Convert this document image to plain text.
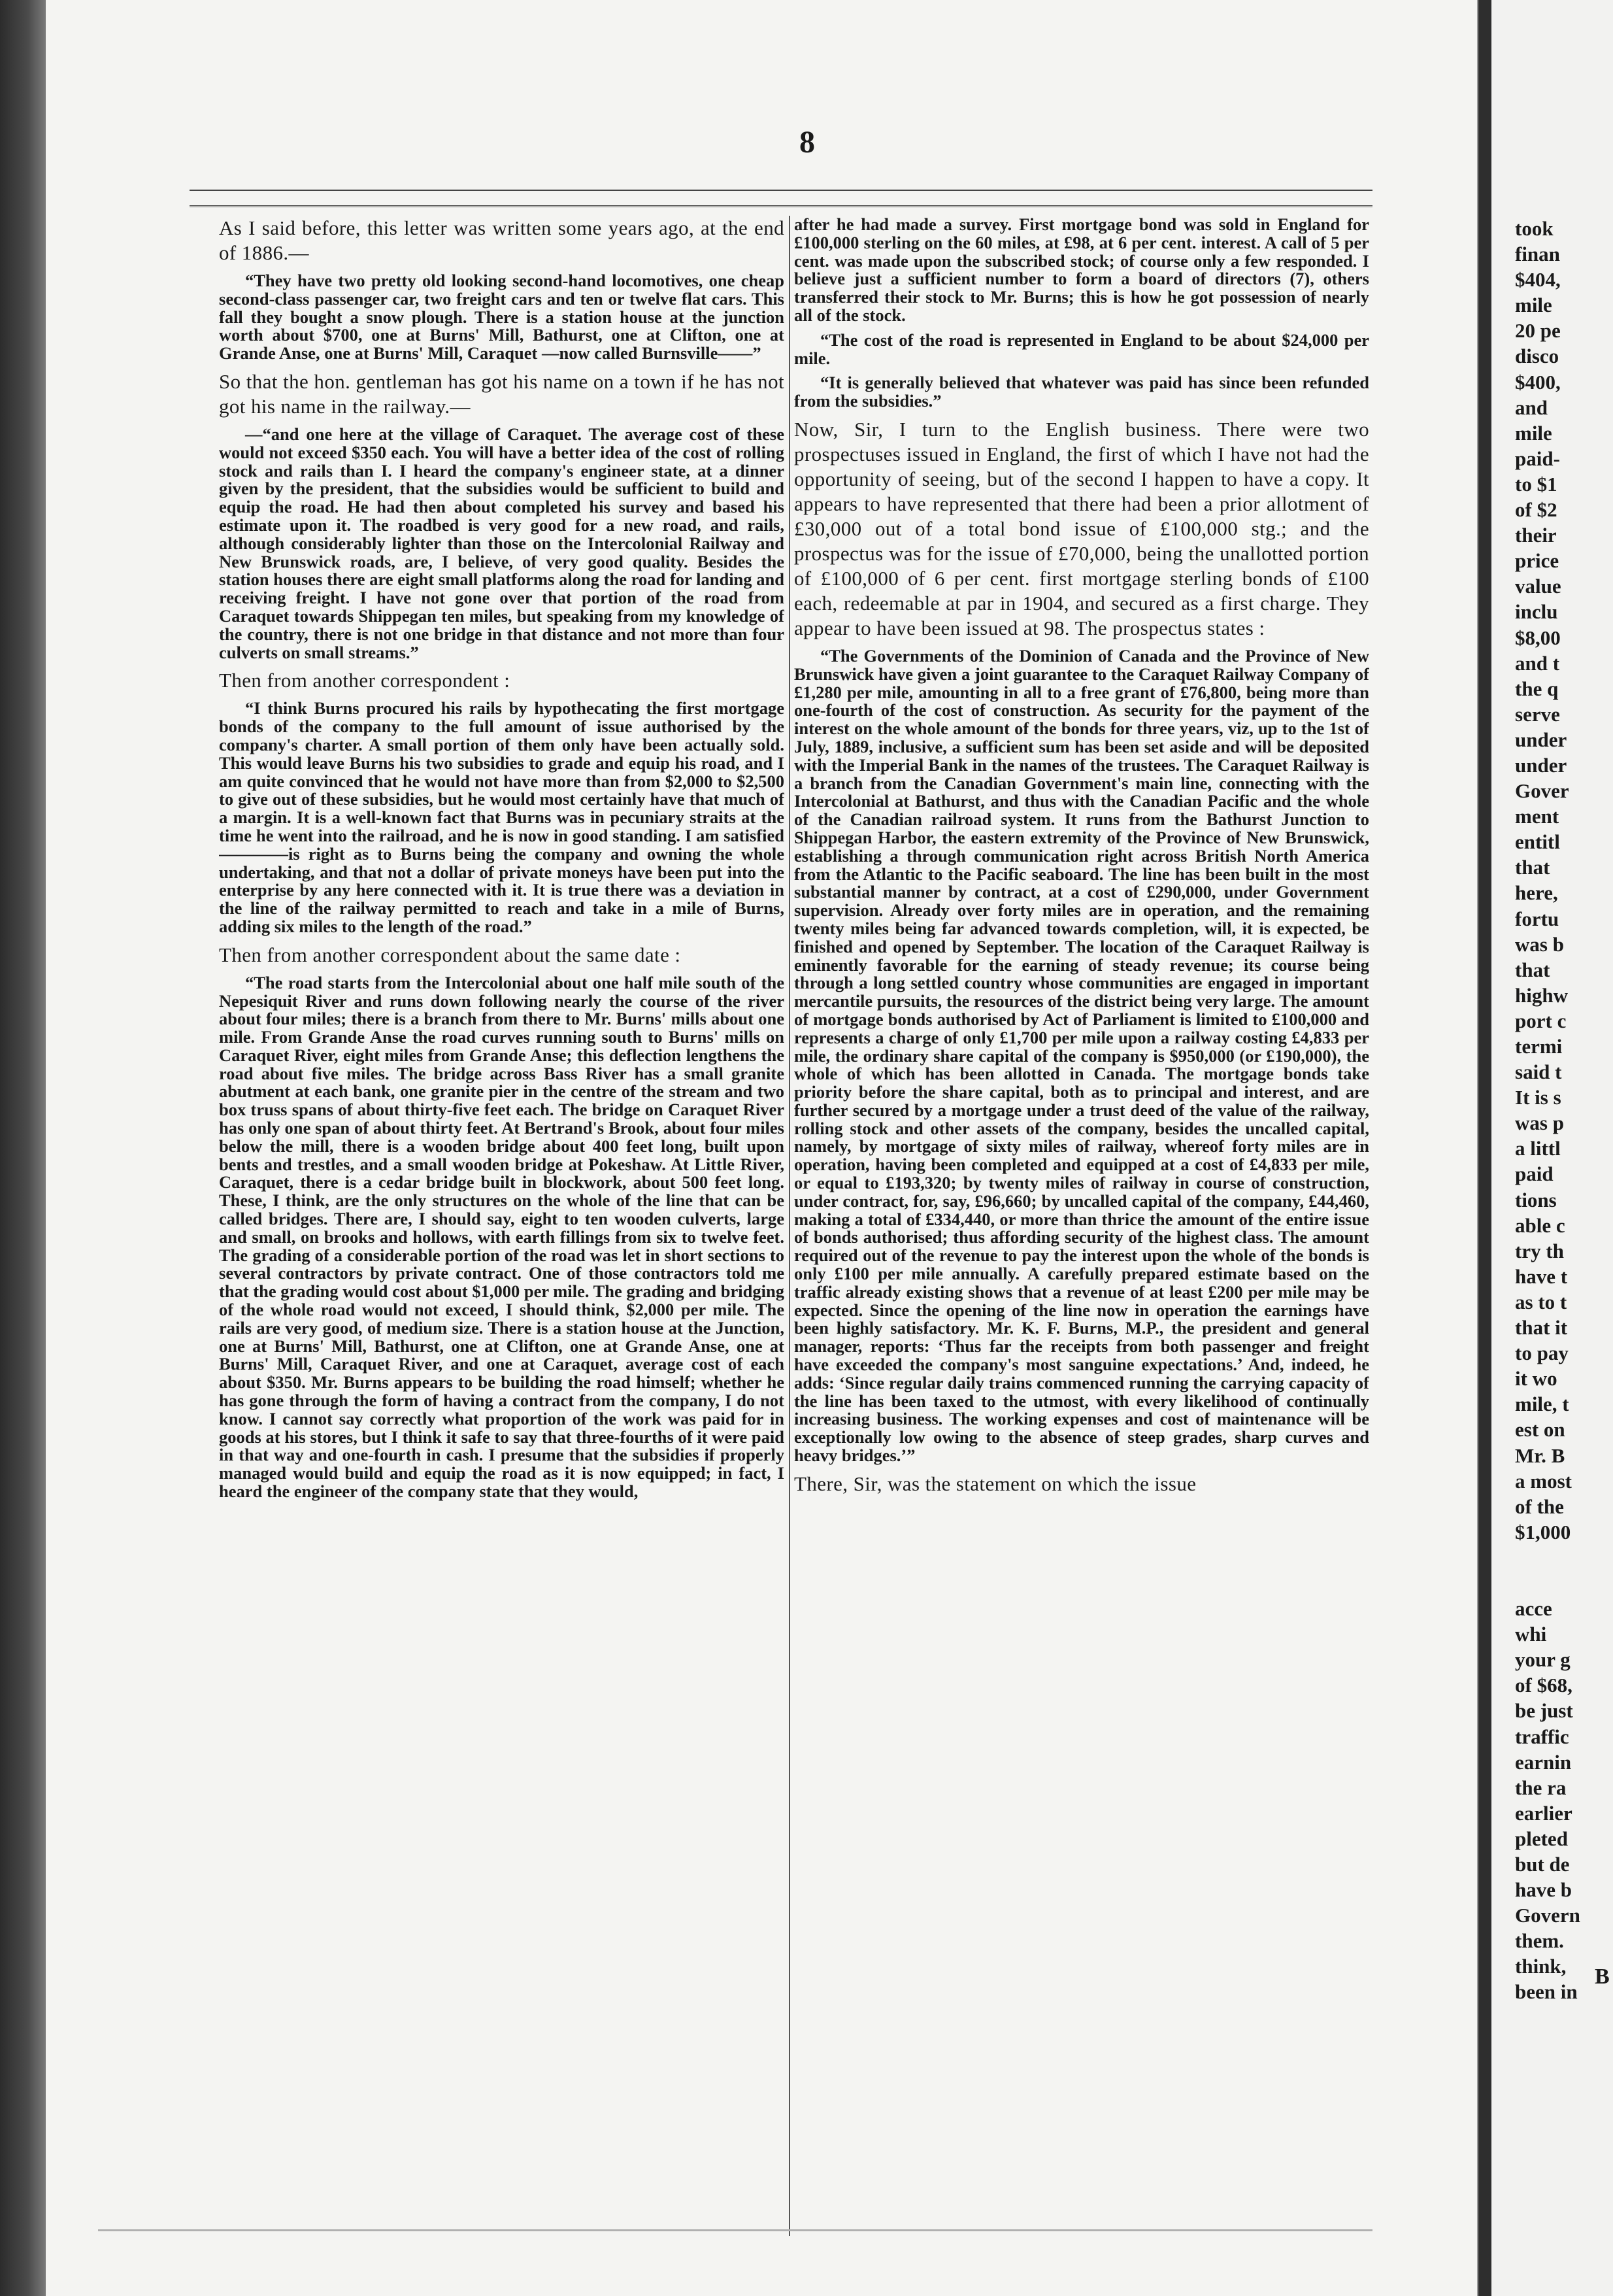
8

As I said before, this letter was written some years ago, at the end of 1886.—

“They have two pretty old looking second-hand locomotives, one cheap second-class passenger car, two freight cars and ten or twelve flat cars. This fall they bought a snow plough. There is a station house at the junction worth about $700, one at Burns' Mill, Bathurst, one at Clifton, one at Grande Anse, one at Burns' Mill, Caraquet —now called Burnsville——”

So that the hon. gentleman has got his name on a town if he has not got his name in the railway.—

—“and one here at the village of Caraquet. The average cost of these would not exceed $350 each. You will have a better idea of the cost of rolling stock and rails than I. I heard the company's engineer state, at a dinner given by the president, that the subsidies would be sufficient to build and equip the road. He had then about completed his survey and based his estimate upon it. The roadbed is very good for a new road, and rails, although considerably lighter than those on the Intercolonial Railway and New Brunswick roads, are, I believe, of very good quality. Besides the station houses there are eight small platforms along the road for landing and receiving freight. I have not gone over that portion of the road from Caraquet towards Shippegan ten miles, but speaking from my knowledge of the country, there is not one bridge in that distance and not more than four culverts on small streams.”

Then from another correspondent :

“I think Burns procured his rails by hypothecating the first mortgage bonds of the company to the full amount of issue authorised by the company's charter. A small portion of them only have been actually sold. This would leave Burns his two subsidies to grade and equip his road, and I am quite convinced that he would not have more than from $2,000 to $2,500 to give out of these subsidies, but he would most certainly have that much of a margin. It is a well-known fact that Burns was in pecuniary straits at the time he went into the railroad, and he is now in good standing. I am satisfied————is right as to Burns being the company and owning the whole undertaking, and that not a dollar of private moneys have been put into the enterprise by any here connected with it. It is true there was a deviation in the line of the railway permitted to reach and take in a mile of Burns, adding six miles to the length of the road.”

Then from another correspondent about the same date :

“The road starts from the Intercolonial about one half mile south of the Nepesiquit River and runs down following nearly the course of the river about four miles; there is a branch from there to Mr. Burns' mills about one mile. From Grande Anse the road curves running south to Burns' mills on Caraquet River, eight miles from Grande Anse; this deflection lengthens the road about five miles. The bridge across Bass River has a small granite abutment at each bank, one granite pier in the centre of the stream and two box truss spans of about thirty-five feet each. The bridge on Caraquet River has only one span of about thirty feet. At Bertrand's Brook, about four miles below the mill, there is a wooden bridge about 400 feet long, built upon bents and trestles, and a small wooden bridge at Pokeshaw. At Little River, Caraquet, there is a cedar bridge built in blockwork, about 500 feet long. These, I think, are the only structures on the whole of the line that can be called bridges. There are, I should say, eight to ten wooden culverts, large and small, on brooks and hollows, with earth fillings from six to twelve feet. The grading of a considerable portion of the road was let in short sections to several contractors by private contract. One of those contractors told me that the grading would cost about $1,000 per mile. The grading and bridging of the whole road would not exceed, I should think, $2,000 per mile. The rails are very good, of medium size. There is a station house at the Junction, one at Burns' Mill, Bathurst, one at Clifton, one at Grande Anse, one at Burns' Mill, Caraquet River, and one at Caraquet, average cost of each about $350. Mr. Burns appears to be building the road himself; whether he has gone through the form of having a contract from the company, I do not know. I cannot say correctly what proportion of the work was paid for in goods at his stores, but I think it safe to say that three-fourths of it were paid in that way and one-fourth in cash. I presume that the subsidies if properly managed would build and equip the road as it is now equipped; in fact, I heard the engineer of the company state that they would,

after he had made a survey. First mortgage bond was sold in England for £100,000 sterling on the 60 miles, at £98, at 6 per cent. interest. A call of 5 per cent. was made upon the subscribed stock; of course only a few responded. I believe just a sufficient number to form a board of directors (7), others transferred their stock to Mr. Burns; this is how he got possession of nearly all of the stock.

“The cost of the road is represented in England to be about $24,000 per mile.

“It is generally believed that whatever was paid has since been refunded from the subsidies.”

Now, Sir, I turn to the English business. There were two prospectuses issued in England, the first of which I have not had the opportunity of seeing, but of the second I happen to have a copy. It appears to have represented that there had been a prior allotment of £30,000 out of a total bond issue of £100,000 stg.; and the prospectus was for the issue of £70,000, being the unallotted portion of £100,000 of 6 per cent. first mortgage sterling bonds of £100 each, redeemable at par in 1904, and secured as a first charge. They appear to have been issued at 98. The prospectus states :

“The Governments of the Dominion of Canada and the Province of New Brunswick have given a joint guarantee to the Caraquet Railway Company of £1,280 per mile, amounting in all to a free grant of £76,800, being more than one-fourth of the cost of construction. As security for the payment of the interest on the whole amount of the bonds for three years, viz, up to the 1st of July, 1889, inclusive, a sufficient sum has been set aside and will be deposited with the Imperial Bank in the names of the trustees. The Caraquet Railway is a branch from the Canadian Government's main line, connecting with the Intercolonial at Bathurst, and thus with the Canadian Pacific and the whole of the Canadian railroad system. It runs from the Bathurst Junction to Shippegan Harbor, the eastern extremity of the Province of New Brunswick, establishing a through communication right across British North America from the Atlantic to the Pacific seaboard. The line has been built in the most substantial manner by contract, at a cost of £290,000, under Government supervision. Already over forty miles are in operation, and the remaining twenty miles being far advanced towards completion, will, it is expected, be finished and opened by September. The location of the Caraquet Railway is eminently favorable for the earning of steady revenue; its course being through a long settled country whose communities are engaged in important mercantile pursuits, the resources of the district being very large. The amount of mortgage bonds authorised by Act of Parliament is limited to £100,000 and represents a charge of only £1,700 per mile upon a railway costing £4,833 per mile, the ordinary share capital of the company is $950,000 (or £190,000), the whole of which has been allotted in Canada. The mortgage bonds take priority before the share capital, both as to principal and interest, and are further secured by a mortgage under a trust deed of the value of the railway, rolling stock and other assets of the company, besides the uncalled capital, namely, by mortgage of sixty miles of railway, whereof forty miles are in operation, having been completed and equipped at a cost of £4,833 per mile, or equal to £193,320; by twenty miles of railway in course of construction, under contract, for, say, £96,660; by uncalled capital of the company, £44,460, making a total of £334,440, or more than thrice the amount of the entire issue of bonds authorised; thus affording security of the highest class. The amount required out of the revenue to pay the interest upon the whole of the bonds is only £100 per mile annually. A carefully prepared estimate based on the traffic already existing shows that a revenue of at least £200 per mile may be expected. Since the opening of the line now in operation the earnings have been highly satisfactory. Mr. K. F. Burns, M.P., the president and general manager, reports: ‘Thus far the receipts from both passenger and freight have exceeded the company's most sanguine expectations.’ And, indeed, he adds: ‘Since regular daily trains commenced running the carrying capacity of the line has been taxed to the utmost, with every likelihood of continually increasing business. The working expenses and cost of maintenance will be exceptionally low owing to the absence of steep grades, sharp curves and heavy bridges.’”

There, Sir, was the statement on which the issue

took
finan
$404,
mile
20 pe
disco
$400,
and
mile
paid-
to $1
of $2
their
price
value
inclu
$8,00
and t
the q
serve
under
under
Gover
ment
entitl
that
here,
fortu
was b
that
highw
port c
termi
said t
It is s
was p
a littl
paid
tions
able c
try th
have t
as to t
that it
to pay
it wo
mile, t
est on
Mr. B
a most
of the
$1,000

acce
whi
your g
of $68,
be just
traffic
earnin
the ra
earlier
pleted
but de
have b
Govern
them.
think,
been in
B
